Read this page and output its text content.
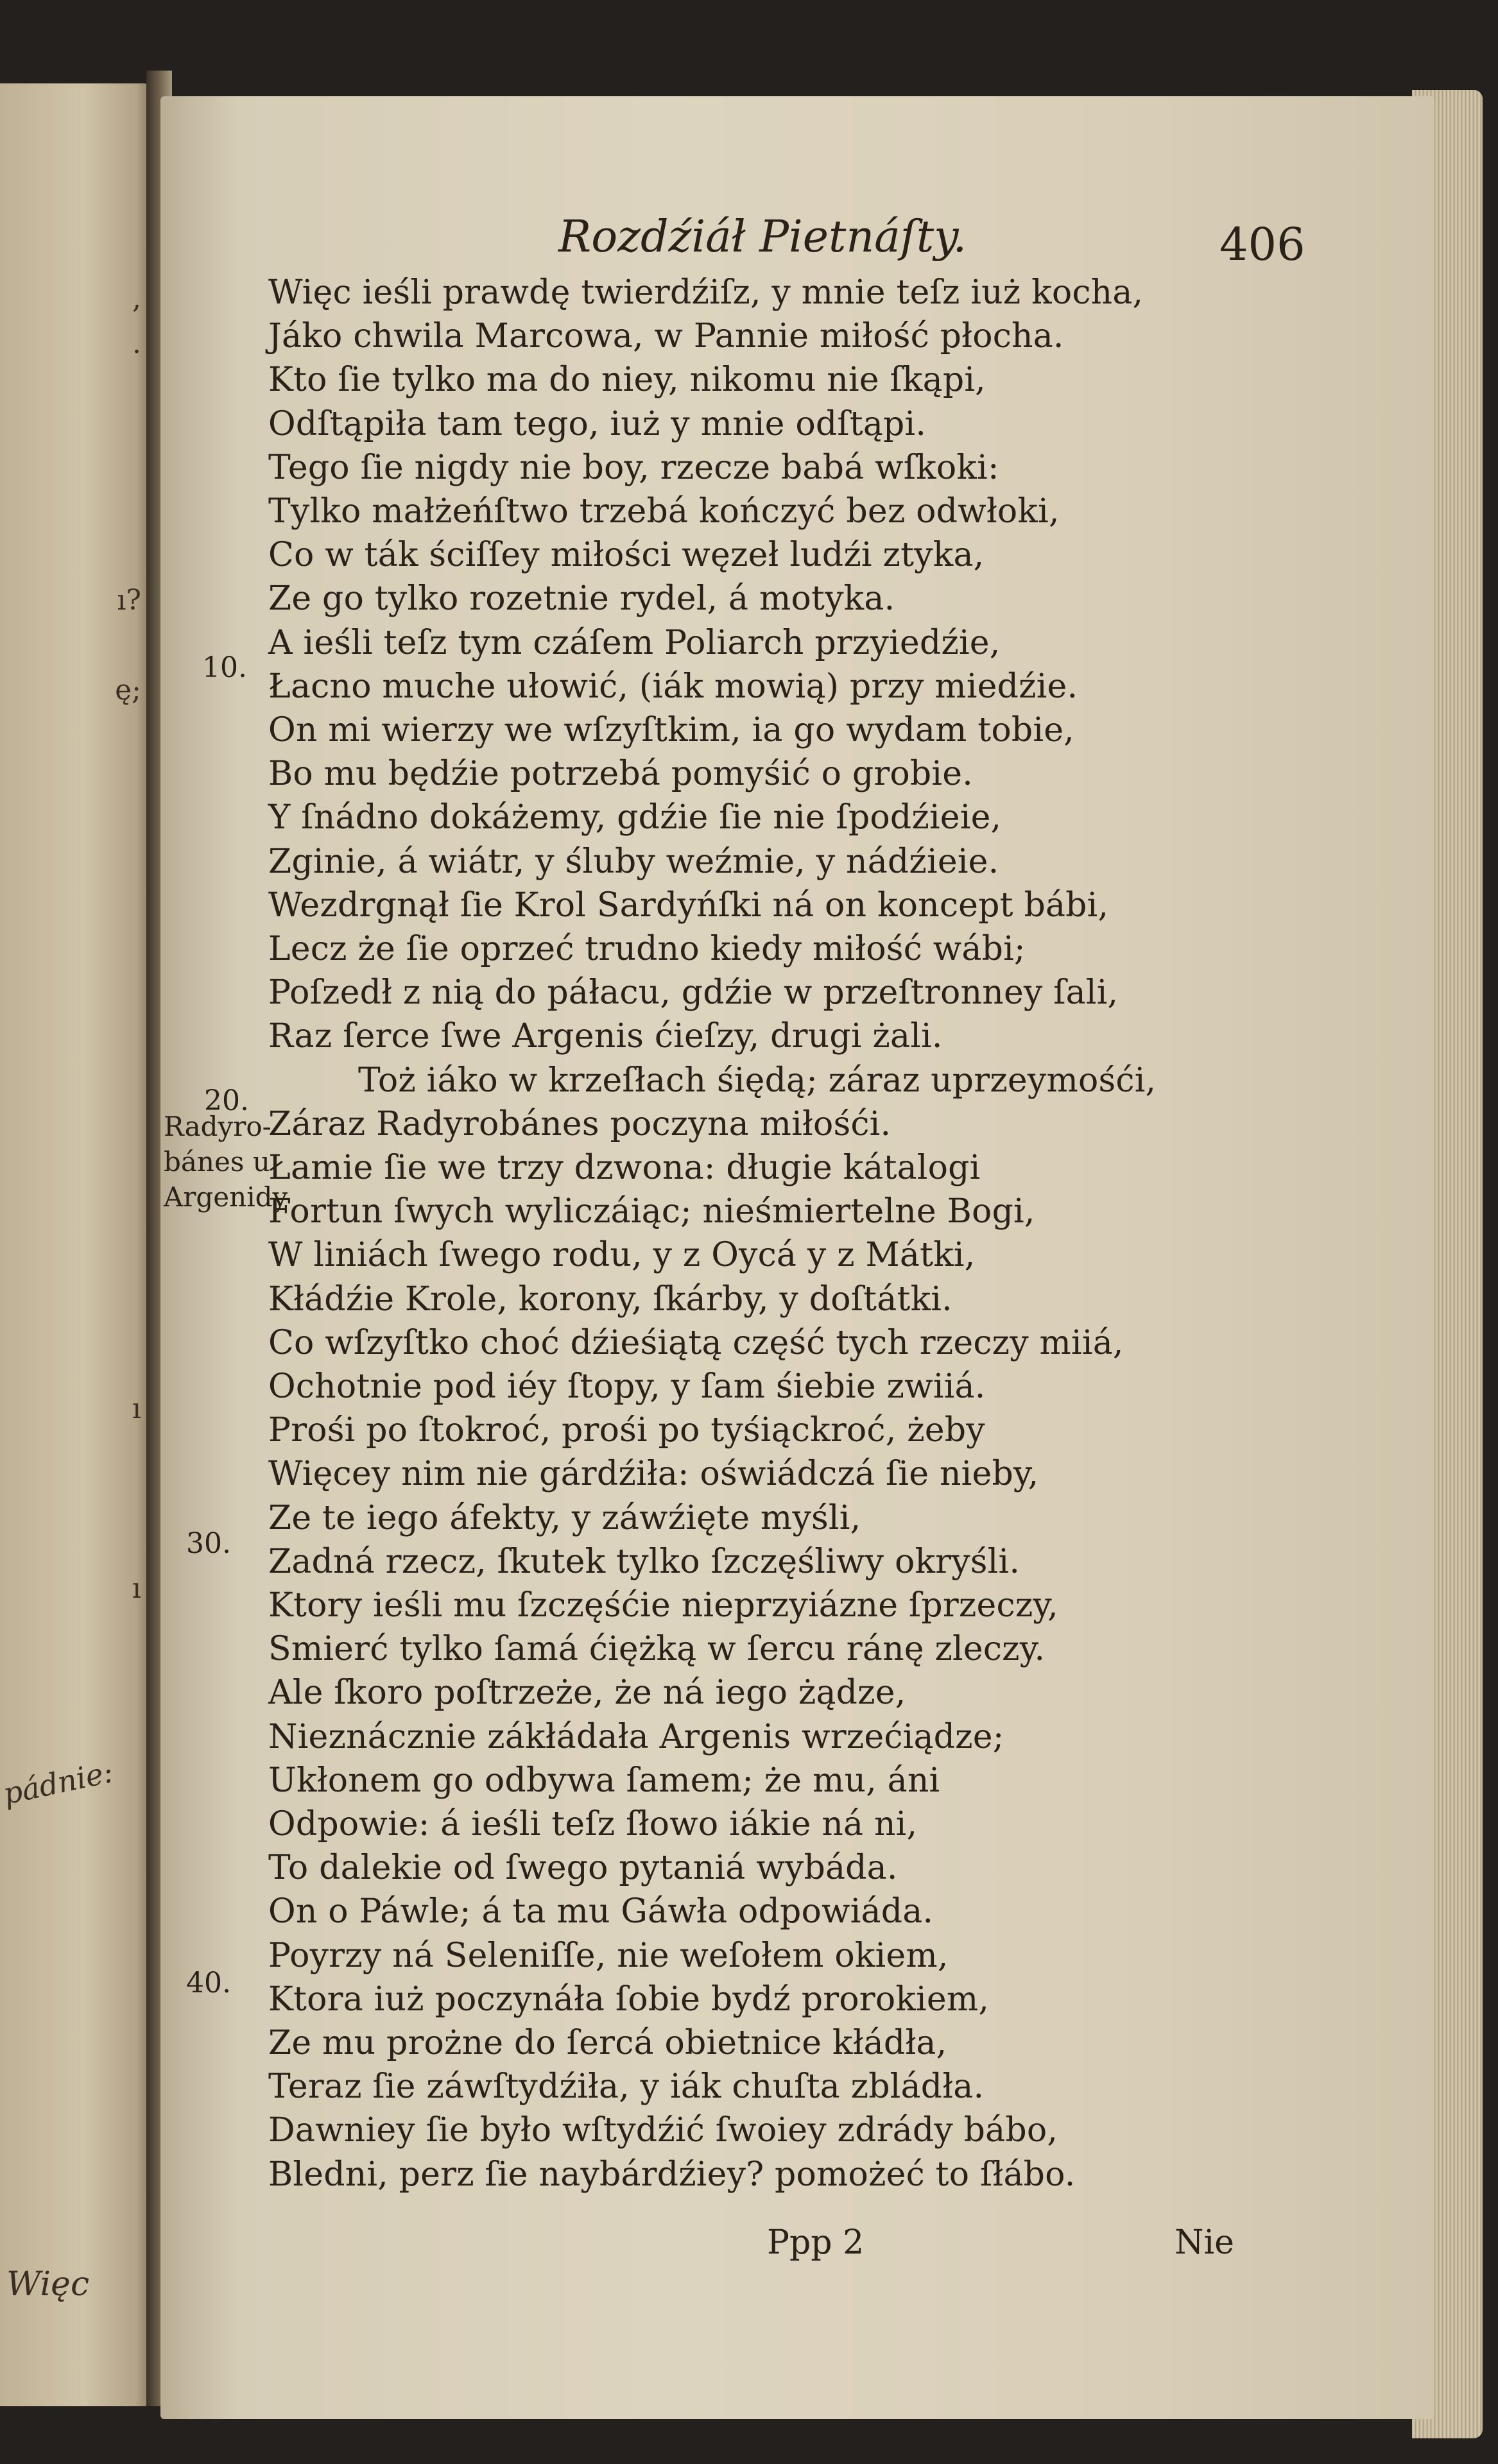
,
.
ı?
ę;
ı
ı
pádnie:
Więc
Rozdźiáł Pietnáſty.	406
Więc ieśli prawdę twierdźiſz, y mnie teſz iuż kocha,
Jáko chwila Marcowa, w Pannie miłość płocha.
Kto ſie tylko ma do niey, nikomu nie ſkąpi,
Odſtąpiła tam tego, iuż y mnie odſtąpi.
Tego ſie nigdy nie boy, rzecze babá wſkoki:
Tylko małżeńſtwo trzebá kończyć bez odwłoki,
Co w ták ściſſey miłości węzeł ludźi ztyka,
Ze go tylko rozetnie rydel, á motyka.
A ieśli teſz tym czáſem Poliarch przyiedźie,
Łacno muche ułowić, (iák mowią) przy miedźie.
On mi wierzy we wſzyſtkim, ia go wydam tobie,
Bo mu będźie potrzebá pomyśić o grobie.
Y ſnádno dokáżemy, gdźie ſie nie ſpodźieie,
Zginie, á wiátr, y śluby weźmie, y nádźieie.
Wezdrgnął ſie Krol Sardyńſki ná on koncept bábi,
Lecz że ſie oprzeć trudno kiedy miłość wábi;
Poſzedł z nią do páłacu, gdźie w przeſtronney ſali,
Raz ſerce ſwe Argenis ćieſzy, drugi żali.
Toż iáko w krzeſłach śiędą; záraz uprzeymośći,
Záraz Radyrobánes poczyna miłośći.
Łamie ſie we trzy dzwona: długie kátalogi
Fortun ſwych wyliczáiąc; nieśmiertelne Bogi,
W liniách ſwego rodu, y z Oycá y z Mátki,
Kłádźie Krole, korony, ſkárby, y doſtátki.
Co wſzyſtko choć dźieśiątą część tych rzeczy miiá,
Ochotnie pod iéy ſtopy, y ſam śiebie zwiiá.
Prośi po ſtokroć, prośi po tyśiąckroć, żeby
Więcey nim nie gárdźiła: oświádczá ſie nieby,
Ze te iego áfekty, y záwźięte myśli,
Zadná rzecz, ſkutek tylko ſzczęśliwy okryśli.
Ktory ieśli mu ſzczęśćie nieprzyiázne ſprzeczy,
Smierć tylko ſamá ćiężką w ſercu ránę zleczy.
Ale ſkoro poſtrzeże, że ná iego żądze,
Nieznácznie zákłádała Argenis wrzećiądze;
Ukłonem go odbywa ſamem; że mu, áni
Odpowie: á ieśli teſz ſłowo iákie ná ni,
To dalekie od ſwego pytaniá wybáda.
On o Páwle; á ta mu Gáwła odpowiáda.
Poyrzy ná Seleniſſe, nie weſołem okiem,
Ktora iuż poczynáła ſobie bydź prorokiem,
Ze mu prożne do ſercá obietnice kłádła,
Teraz ſie záwſtydźiła, y iák chuſta zbládła.
Dawniey ſie było wſtydźić ſwoiey zdrády bábo,
Bledni, perz ſie naybárdźiey? pomożeć to ſłábo.
10.
20.
30.
40.
Radyro-
bánes u
Argenidy
Ppp 2	Nie
